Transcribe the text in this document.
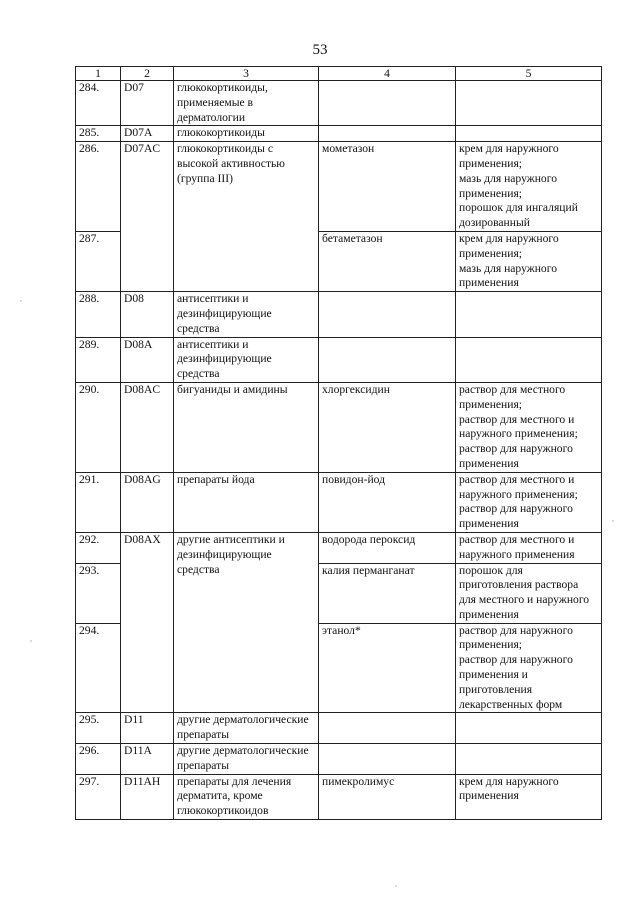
53
1	2	3	4	5
284.	D07	глюкокортикоиды, применяемые в дерматологии		
285.	D07A	глюкокортикоиды		
286.	D07AC	глюкокортикоиды с высокой активностью (группа III)	мометазон	крем для наружного применения;
мазь для наружного применения;
порошок для ингаляций дозированный
287.			бетаметазон	крем для наружного применения;
мазь для наружного применения
288.	D08	антисептики и дезинфицирующие средства		
289.	D08A	антисептики и дезинфицирующие средства		
290.	D08AC	бигуаниды и амидины	хлоргексидин	раствор для местного применения;
раствор для местного и наружного применения;
раствор для наружного применения
291.	D08AG	препараты йода	повидон-йод	раствор для местного и наружного применения;
раствор для наружного применения
292.	D08AX	другие антисептики и дезинфицирующие средства	водорода пероксид	раствор для местного и наружного применения
293.			калия перманганат	порошок для приготовления раствора для местного и наружного применения
294.			этанол*	раствор для наружного применения;
раствор для наружного применения и приготовления лекарственных форм
295.	D11	другие дерматологические препараты		
296.	D11A	другие дерматологические препараты		
297.	D11AH	препараты для лечения дерматита, кроме глюкокортикоидов	пимекролимус	крем для наружного применения
